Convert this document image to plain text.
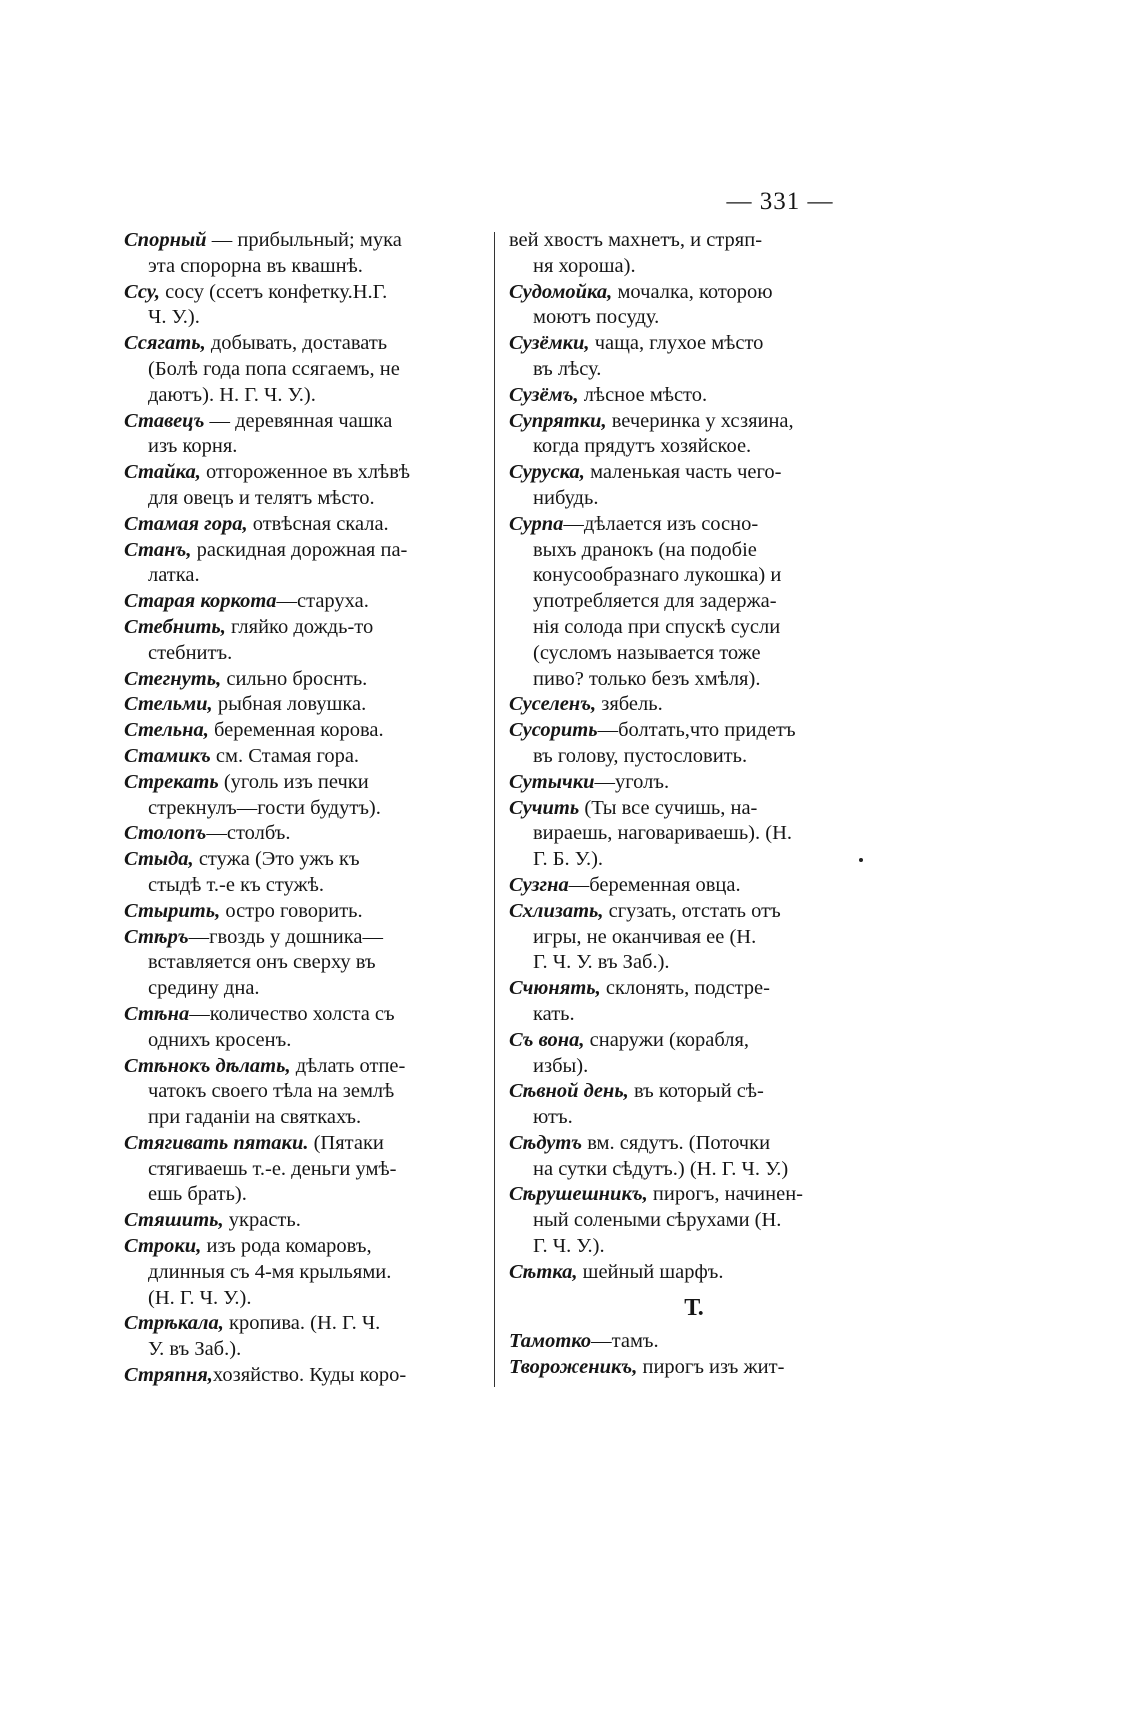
— 331 —
Спорный — прибыльный; мука
эта спорорна въ квашнѣ.
Ссу, сосу (ссетъ конфетку.Н.Г.
Ч. У.).
Ссягать, добывать, доставать
(Болѣ года попа ссягаемъ, не
даютъ). Н. Г. Ч. У.).
Ставецъ — деревянная чашка
изъ корня.
Стайка, отгороженное въ хлѣвѣ
для овецъ и телятъ мѣсто.
Стамая гора, отвѣсная скала.
Станъ, раскидная дорожная па-
латка.
Старая коркота—старуха.
Стебнить, гляйко дождь-то
стебнитъ.
Стегнуть, сильно броснть.
Стельми, рыбная ловушка.
Стельна, беременная корова.
Стамикъ см. Стамая гора.
Стрекать (уголь изъ печки
стрекнулъ—гости будутъ).
Столопъ—столбъ.
Стыда, стужа (Это ужъ къ
стыдѣ т.-е къ стужѣ.
Стырить, остро говорить.
Стѣръ—гвоздь у дошника—
вставляется онъ сверху въ
средину дна.
Стѣна—количество холста съ
однихъ кросенъ.
Стѣнокъ дѣлать, дѣлать отпе-
чатокъ своего тѣла на землѣ
при гаданiи на святкахъ.
Стягивать пятаки. (Пятаки
стягиваешь т.-е. деньги умѣ-
ешь брать).
Стяшить, украсть.
Строки, изъ рода комаровъ,
длинныя съ 4-мя крыльями.
(Н. Г. Ч. У.).
Стрѣкала, кропива. (Н. Г. Ч.
У. въ Заб.).
Стряпня,хозяйство. Куды коро-
вей хвостъ махнетъ, и стряп-
ня хороша).
Судомойка, мочалка, которою
моютъ посуду.
Сузёмки, чаща, глухое мѣсто
въ лѣсу.
Сузёмъ, лѣсное мѣсто.
Супрятки, вечеринка у хсзяина,
когда прядутъ хозяйское.
Суруска, маленькая часть чего-
нибудь.
Сурпа—дѣлается изъ сосно-
выхъ дранокъ (на подобiе
конусообразнаго лукошка) и
употребляется для задержа-
нiя солода при спускѣ сусли
(сусломъ называется тоже
пиво? только безъ хмѣля).
Суселенъ, зябель.
Сусорить—болтать,что придетъ
въ голову, пустословить.
Сутычки—уголъ.
Сучить (Ты все сучишь, на-
вираешь, наговариваешь). (Н.
Г. Б. У.).
Сузгна—беременная овца.
Схлизать, сгузать, отстать отъ
игры, не оканчивая ее (Н.
Г. Ч. У. въ Заб.).
Счюнять, склонять, подстре-
кать.
Съ вона, снаружи (корабля,
избы).
Сѣвной день, въ который сѣ-
ютъ.
Сѣдутъ вм. сядутъ. (Поточки
на сутки сѣдутъ.) (Н. Г. Ч. У.)
Сѣрушешникъ, пирогъ, начинен-
ный солеными сѣрухами (Н.
Г. Ч. У.).
Сѣтка, шейный шарфъ.
Т.
Тамотко—тамъ.
Твороженикъ, пирогъ изъ жит-
